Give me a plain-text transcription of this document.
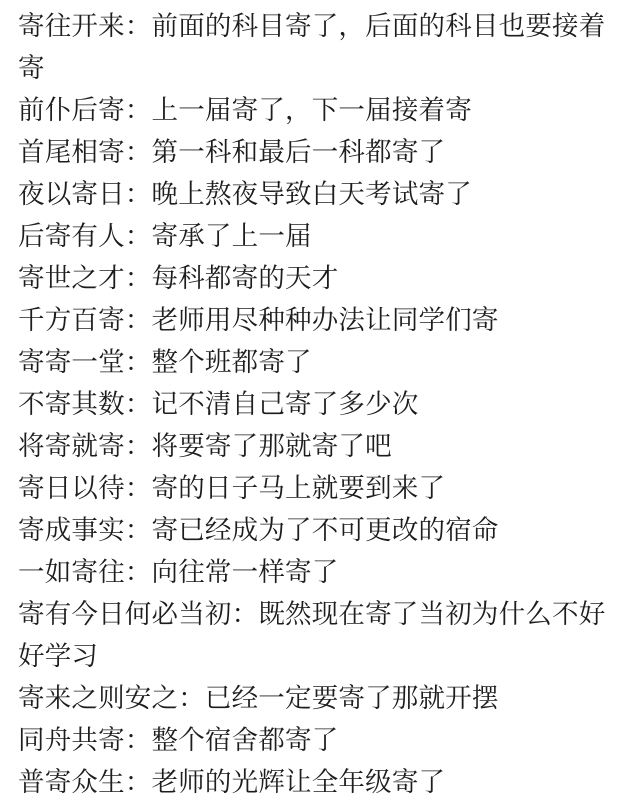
寄往开来：前面的科目寄了，后面的科目也要接着寄

前仆后寄：上一届寄了，下一届接着寄

首尾相寄：第一科和最后一科都寄了

夜以寄日：晚上熬夜导致白天考试寄了

后寄有人：寄承了上一届

寄世之才：每科都寄的天才

千方百寄：老师用尽种种办法让同学们寄

寄寄一堂：整个班都寄了

不寄其数：记不清自己寄了多少次

将寄就寄：将要寄了那就寄了吧

寄日以待：寄的日子马上就要到来了

寄成事实：寄已经成为了不可更改的宿命

一如寄往：向往常一样寄了

寄有今日何必当初：既然现在寄了当初为什么不好好学习

寄来之则安之：已经一定要寄了那就开摆

同舟共寄：整个宿舍都寄了

普寄众生：老师的光辉让全年级寄了
